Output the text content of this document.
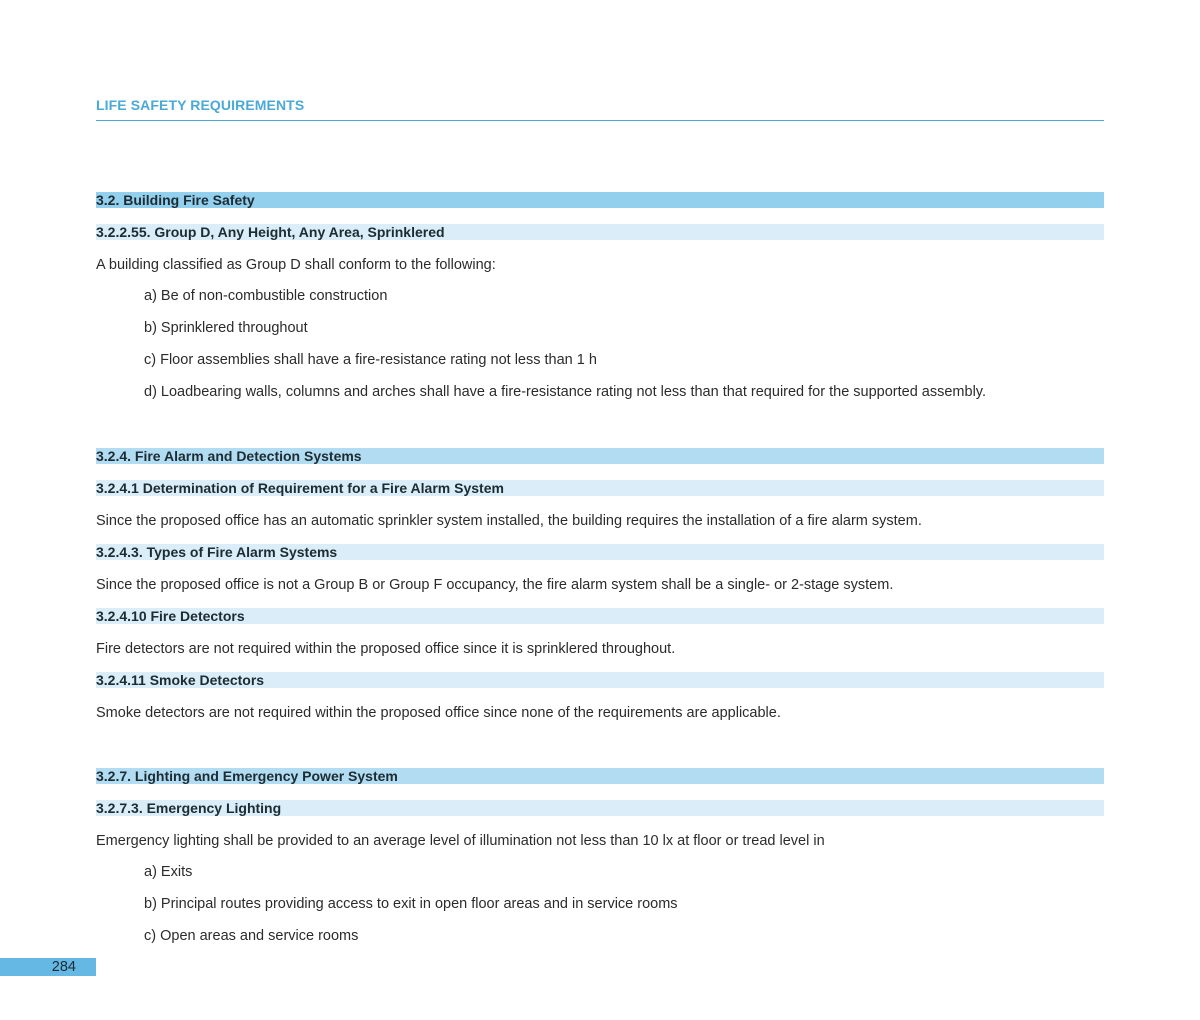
LIFE SAFETY REQUIREMENTS
3.2. Building Fire Safety
3.2.2.55. Group D, Any Height, Any Area, Sprinklered
A building classified as Group D shall conform to the following:
a) Be of non-combustible construction
b) Sprinklered throughout
c) Floor assemblies shall have a fire-resistance rating not less than 1 h
d) Loadbearing walls, columns and arches shall have a fire-resistance rating not less than that required for the supported assembly.
3.2.4. Fire Alarm and Detection Systems
3.2.4.1 Determination of Requirement for a Fire Alarm System
Since the proposed office has an automatic sprinkler system installed, the building requires the installation of a fire alarm system.
3.2.4.3. Types of Fire Alarm Systems
Since the proposed office is not a Group B or Group F occupancy, the fire alarm system shall be a single- or 2-stage system.
3.2.4.10 Fire Detectors
Fire detectors are not required within the proposed office since it is sprinklered throughout.
3.2.4.11 Smoke Detectors
Smoke detectors are not required within the proposed office since none of the requirements are applicable.
3.2.7. Lighting and Emergency Power System
3.2.7.3. Emergency Lighting
Emergency lighting shall be provided to an average level of illumination not less than 10 lx at floor or tread level in
a) Exits
b) Principal routes providing access to exit in open floor areas and in service rooms
c) Open areas and service rooms
284
